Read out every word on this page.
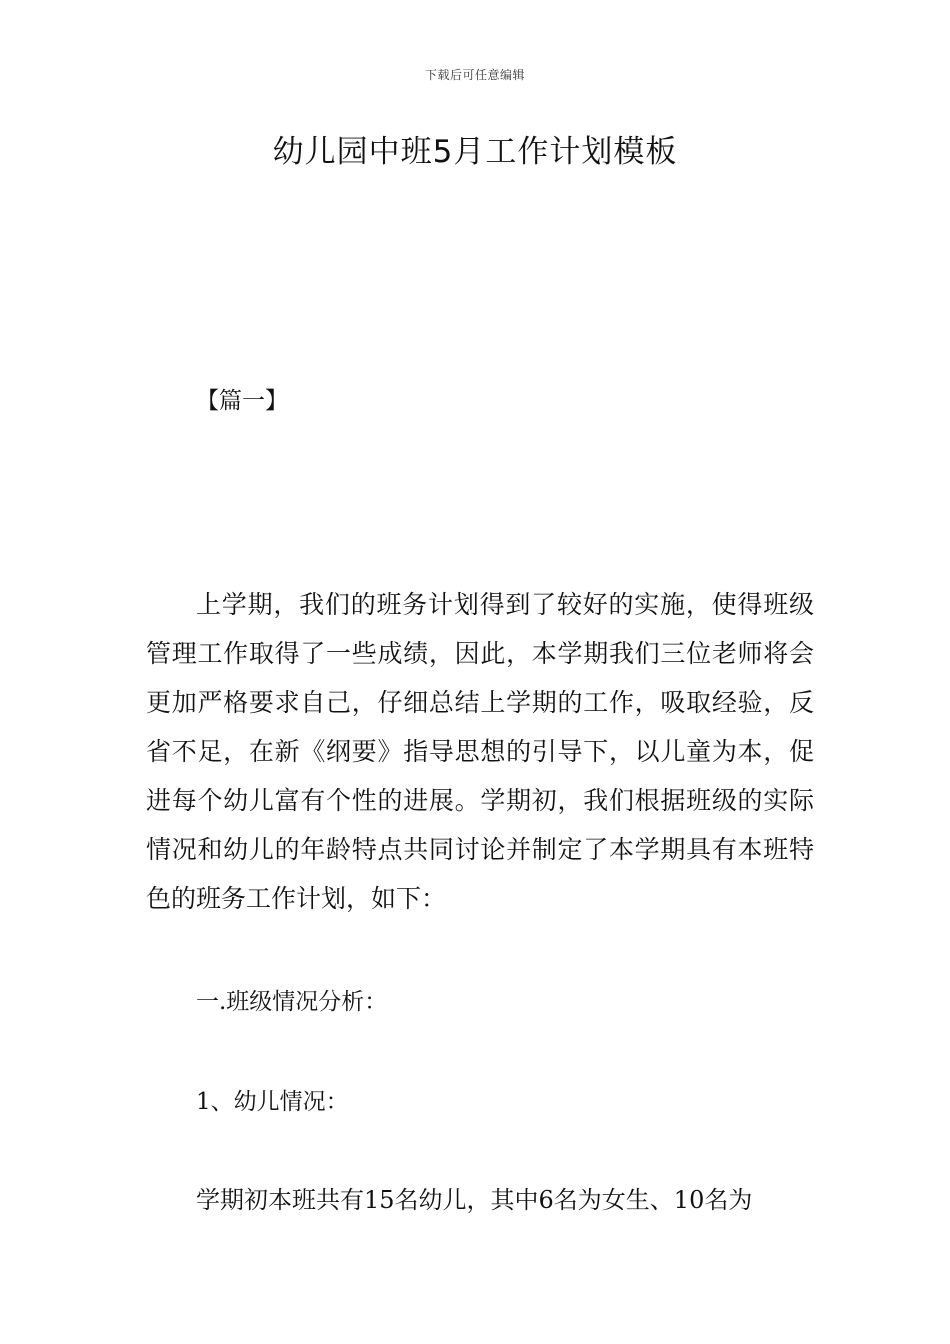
下载后可任意编辑
幼儿园中班5月工作计划模板
【篇一】

上学期，我们的班务计划得到了较好的实施，使得班级管理工作取得了一些成绩，因此，本学期我们三位老师将会更加严格要求自己，仔细总结上学期的工作，吸取经验，反省不足，在新《纲要》指导思想的引导下，以儿童为本，促进每个幼儿富有个性的进展。学期初，我们根据班级的实际情况和幼儿的年龄特点共同讨论并制定了本学期具有本班特色的班务工作计划，如下：

一.班级情况分析：

1、幼儿情况：

学期初本班共有15名幼儿，其中6名为女生、10名为
